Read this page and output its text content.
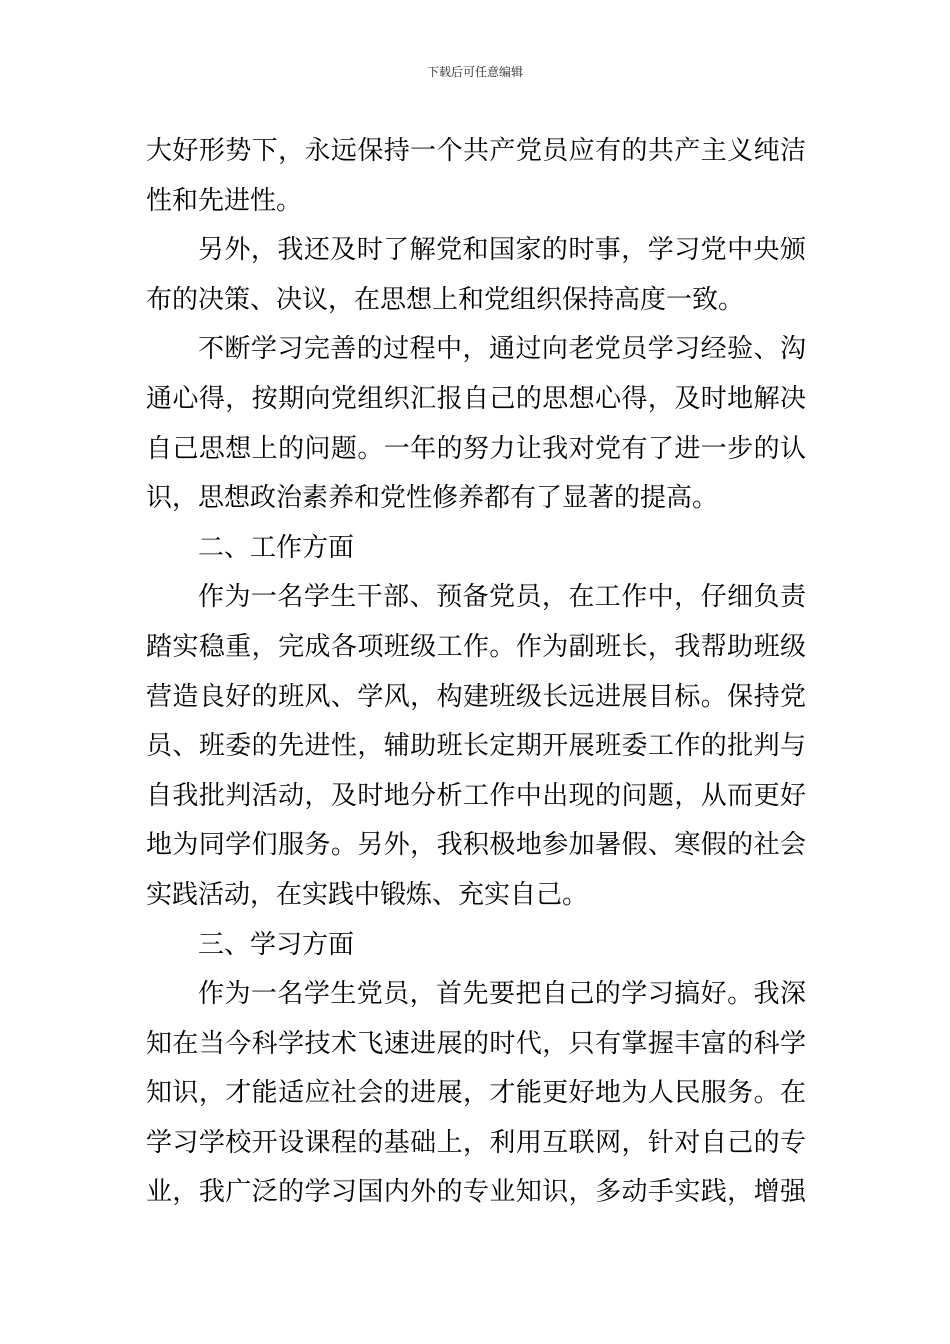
下载后可任意编辑
大好形势下，永远保持一个共产党员应有的共产主义纯洁
性和先进性。
另外，我还及时了解党和国家的时事，学习党中央颁
布的决策、决议，在思想上和党组织保持高度一致。
不断学习完善的过程中，通过向老党员学习经验、沟
通心得，按期向党组织汇报自己的思想心得，及时地解决
自己思想上的问题。一年的努力让我对党有了进一步的认
识，思想政治素养和党性修养都有了显著的提高。
二、工作方面
作为一名学生干部、预备党员，在工作中，仔细负责
踏实稳重，完成各项班级工作。作为副班长，我帮助班级
营造良好的班风、学风，构建班级长远进展目标。保持党
员、班委的先进性，辅助班长定期开展班委工作的批判与
自我批判活动，及时地分析工作中出现的问题，从而更好
地为同学们服务。另外，我积极地参加暑假、寒假的社会
实践活动，在实践中锻炼、充实自己。
三、学习方面
作为一名学生党员，首先要把自己的学习搞好。我深
知在当今科学技术飞速进展的时代，只有掌握丰富的科学
知识，才能适应社会的进展，才能更好地为人民服务。在
学习学校开设课程的基础上，利用互联网，针对自己的专
业，我广泛的学习国内外的专业知识，多动手实践，增强
